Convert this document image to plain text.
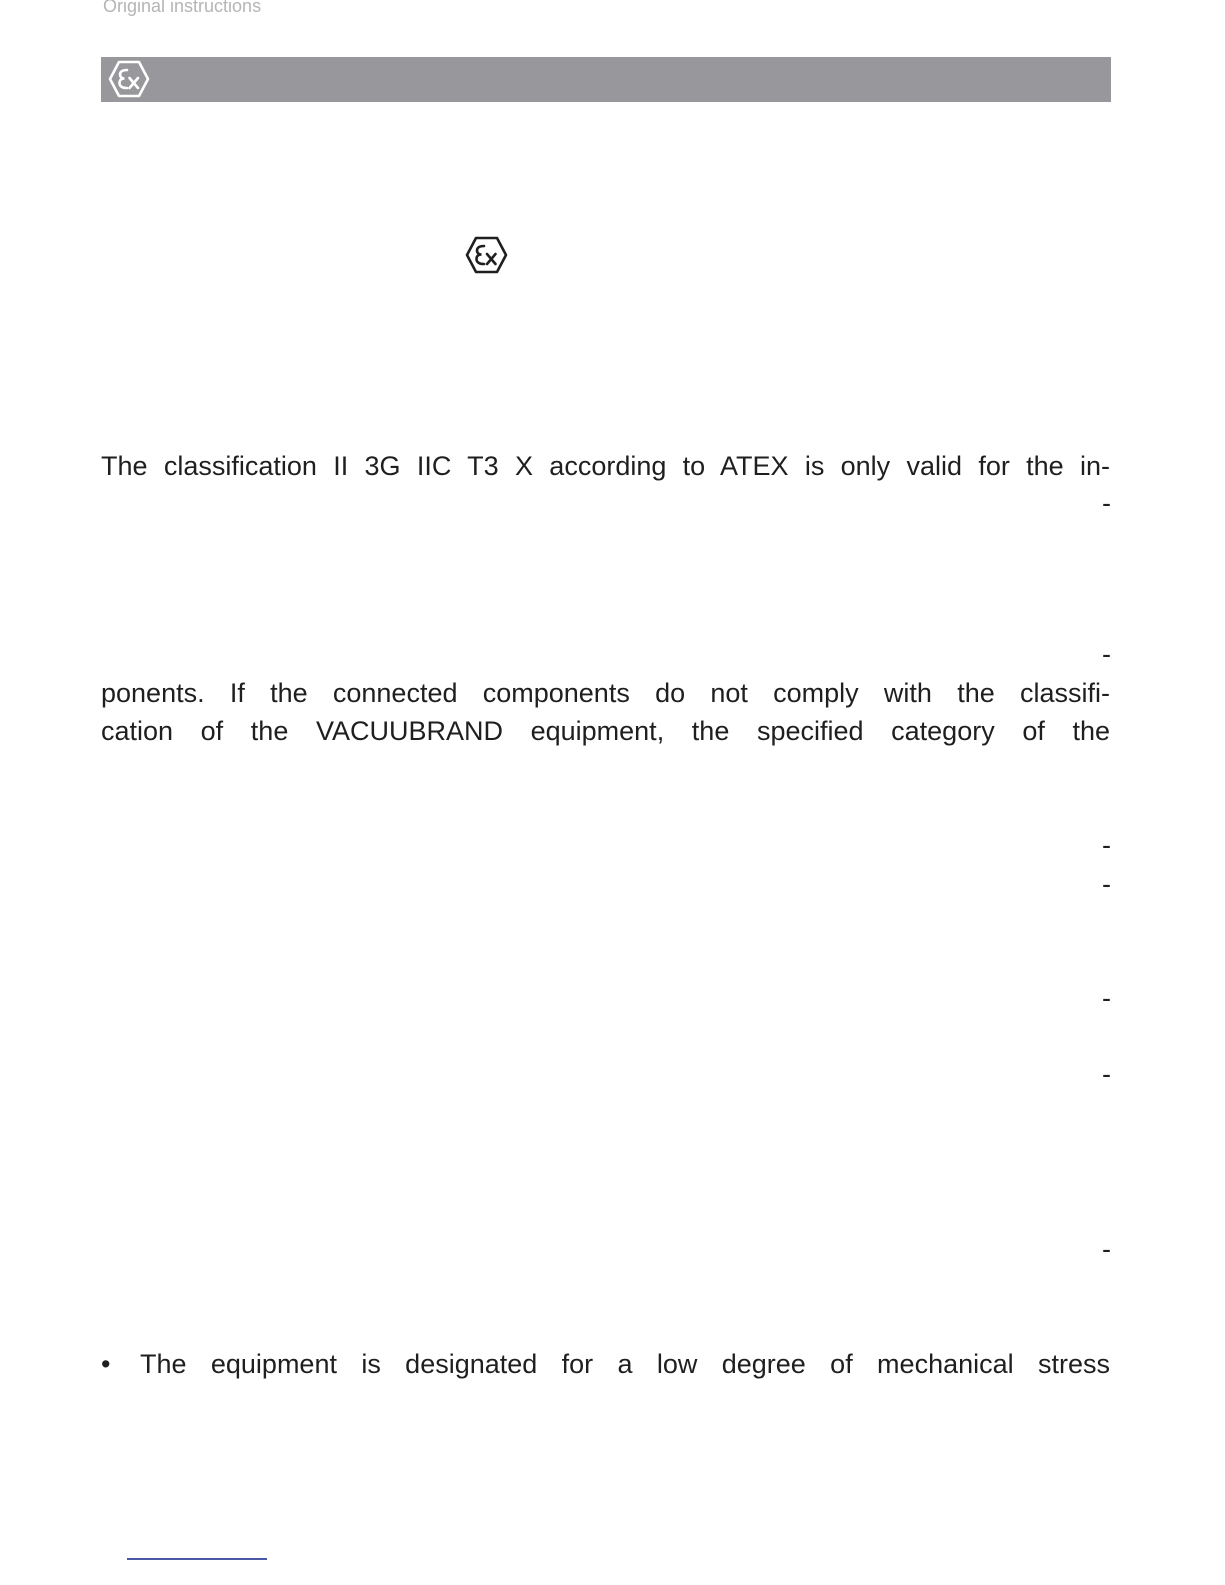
Original instructions
The classification II 3G IIC T3 X according to ATEX is only valid for the in-
-
-
ponents. If the connected components do not comply with the classifi-
cation of the VACUUBRAND equipment, the specified category of the
-
-
-
-
-
• The equipment is designated for a low degree of mechanical stress
